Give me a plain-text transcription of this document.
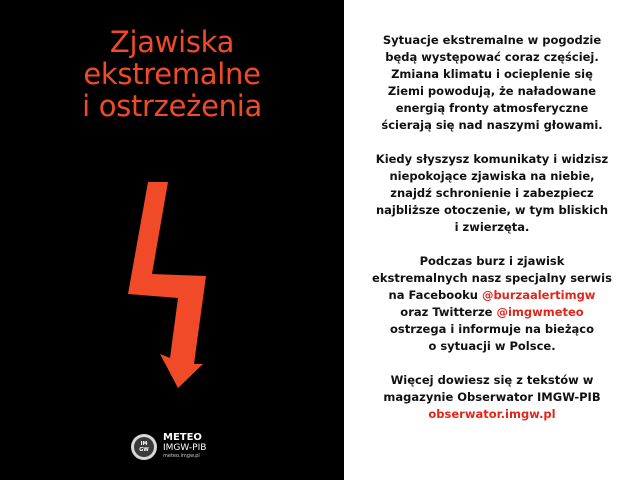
Zjawiska
ekstremalne
i ostrzeżenia
IM
GW
METEO
IMGW-PIB
meteo.imgw.pl
Sytuacje ekstremalne w pogodzie
będą występować coraz częściej.
Zmiana klimatu i ocieplenie się
Ziemi powodują, że naładowane
energią fronty atmosferyczne
ścierają się nad naszymi głowami.
Kiedy słyszysz komunikaty i widzisz
niepokojące zjawiska na niebie,
znajdź schronienie i zabezpiecz
najbliższe otoczenie, w tym bliskich
i zwierzęta.
Podczas burz i zjawisk
ekstremalnych nasz specjalny serwis
na Facebooku @burzaalertimgw
oraz Twitterze @imgwmeteo
ostrzega i informuje na bieżąco
o sytuacji w Polsce.
Więcej dowiesz się z tekstów w
magazynie Obserwator IMGW-PIB
obserwator.imgw.pl
